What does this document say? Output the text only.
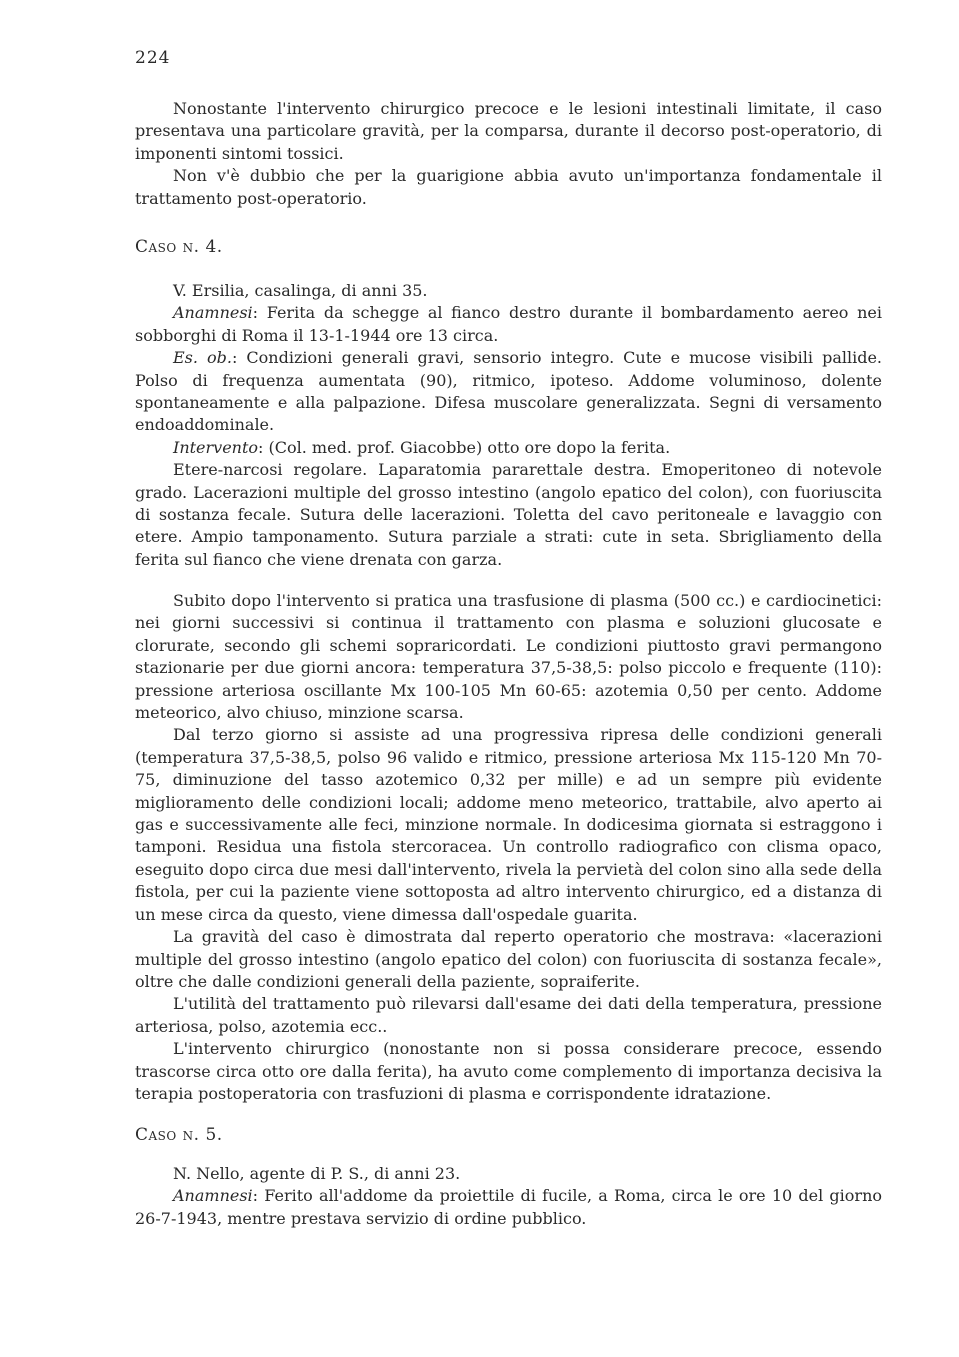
224

Nonostante l'intervento chirurgico precoce e le lesioni intestinali limitate, il caso presentava una particolare gravità, per la comparsa, durante il decorso post-operatorio, di imponenti sintomi tossici.

Non v'è dubbio che per la guarigione abbia avuto un'importanza fondamentale il trattamento post-operatorio.

Caso n. 4.

V. Ersilia, casalinga, di anni 35.

Anamnesi: Ferita da schegge al fianco destro durante il bombardamento aereo nei sobborghi di Roma il 13-1-1944 ore 13 circa.

Es. ob.: Condizioni generali gravi, sensorio integro. Cute e mucose visibili pallide. Polso di frequenza aumentata (90), ritmico, ipoteso. Addome voluminoso, dolente spontaneamente e alla palpazione. Difesa muscolare generalizzata. Segni di versamento endoaddominale.

Intervento: (Col. med. prof. Giacobbe) otto ore dopo la ferita.

Etere-narcosi regolare. Laparatomia pararettale destra. Emoperitoneo di notevole grado. Lacerazioni multiple del grosso intestino (angolo epatico del colon), con fuoriuscita di sostanza fecale. Sutura delle lacerazioni. Toletta del cavo peritoneale e lavaggio con etere. Ampio tamponamento. Sutura parziale a strati: cute in seta. Sbrigliamento della ferita sul fianco che viene drenata con garza.

Subito dopo l'intervento si pratica una trasfusione di plasma (500 cc.) e cardiocinetici: nei giorni successivi si continua il trattamento con plasma e soluzioni glucosate e clorurate, secondo gli schemi sopraricordati. Le condizioni piuttosto gravi permangono stazionarie per due giorni ancora: temperatura 37,5-38,5: polso piccolo e frequente (110): pressione arteriosa oscillante Mx 100-105 Mn 60-65: azotemia 0,50 per cento. Addome meteorico, alvo chiuso, minzione scarsa.

Dal terzo giorno si assiste ad una progressiva ripresa delle condizioni generali (temperatura 37,5-38,5, polso 96 valido e ritmico, pressione arteriosa Mx 115-120 Mn 70-75, diminuzione del tasso azotemico 0,32 per mille) e ad un sempre più evidente miglioramento delle condizioni locali; addome meno meteorico, trattabile, alvo aperto ai gas e successivamente alle feci, minzione normale. In dodicesima giornata si estraggono i tamponi. Residua una fistola stercoracea. Un controllo radiografico con clisma opaco, eseguito dopo circa due mesi dall'intervento, rivela la pervietà del colon sino alla sede della fistola, per cui la paziente viene sottoposta ad altro intervento chirurgico, ed a distanza di un mese circa da questo, viene dimessa dall'ospedale guarita.

La gravità del caso è dimostrata dal reperto operatorio che mostrava: «lacerazioni multiple del grosso intestino (angolo epatico del colon) con fuoriuscita di sostanza fecale», oltre che dalle condizioni generali della paziente, sopraiferite.

L'utilità del trattamento può rilevarsi dall'esame dei dati della temperatura, pressione arteriosa, polso, azotemia ecc..

L'intervento chirurgico (nonostante non si possa considerare precoce, essendo trascorse circa otto ore dalla ferita), ha avuto come complemento di importanza decisiva la terapia postoperatoria con trasfuzioni di plasma e corrispondente idratazione.

Caso n. 5.

N. Nello, agente di P. S., di anni 23.

Anamnesi: Ferito all'addome da proiettile di fucile, a Roma, circa le ore 10 del giorno 26-7-1943, mentre prestava servizio di ordine pubblico.
